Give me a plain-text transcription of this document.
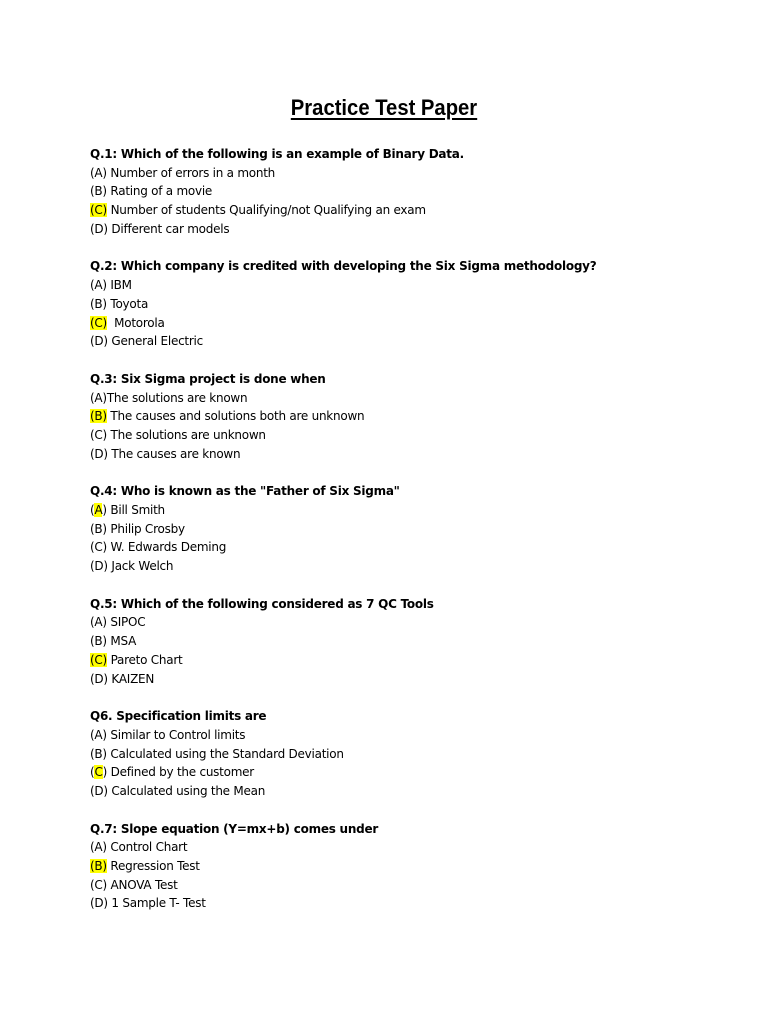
Practice Test Paper
Q.1: Which of the following is an example of Binary Data.
(A) Number of errors in a month
(B) Rating of a movie
(C) Number of students Qualifying/not Qualifying an exam
(D) Different car models
Q.2: Which company is credited with developing the Six Sigma methodology?
(A) IBM
(B) Toyota
(C)  Motorola
(D) General Electric
Q.3: Six Sigma project is done when
(A)The solutions are known
(B) The causes and solutions both are unknown
(C) The solutions are unknown
(D) The causes are known
Q.4: Who is known as the "Father of Six Sigma"
(A) Bill Smith
(B) Philip Crosby
(C) W. Edwards Deming
(D) Jack Welch
Q.5: Which of the following considered as 7 QC Tools
(A) SIPOC
(B) MSA
(C) Pareto Chart
(D) KAIZEN
Q6. Specification limits are
(A) Similar to Control limits
(B) Calculated using the Standard Deviation
(C) Defined by the customer
(D) Calculated using the Mean
Q.7: Slope equation (Y=mx+b) comes under
(A) Control Chart
(B) Regression Test
(C) ANOVA Test
(D) 1 Sample T- Test
